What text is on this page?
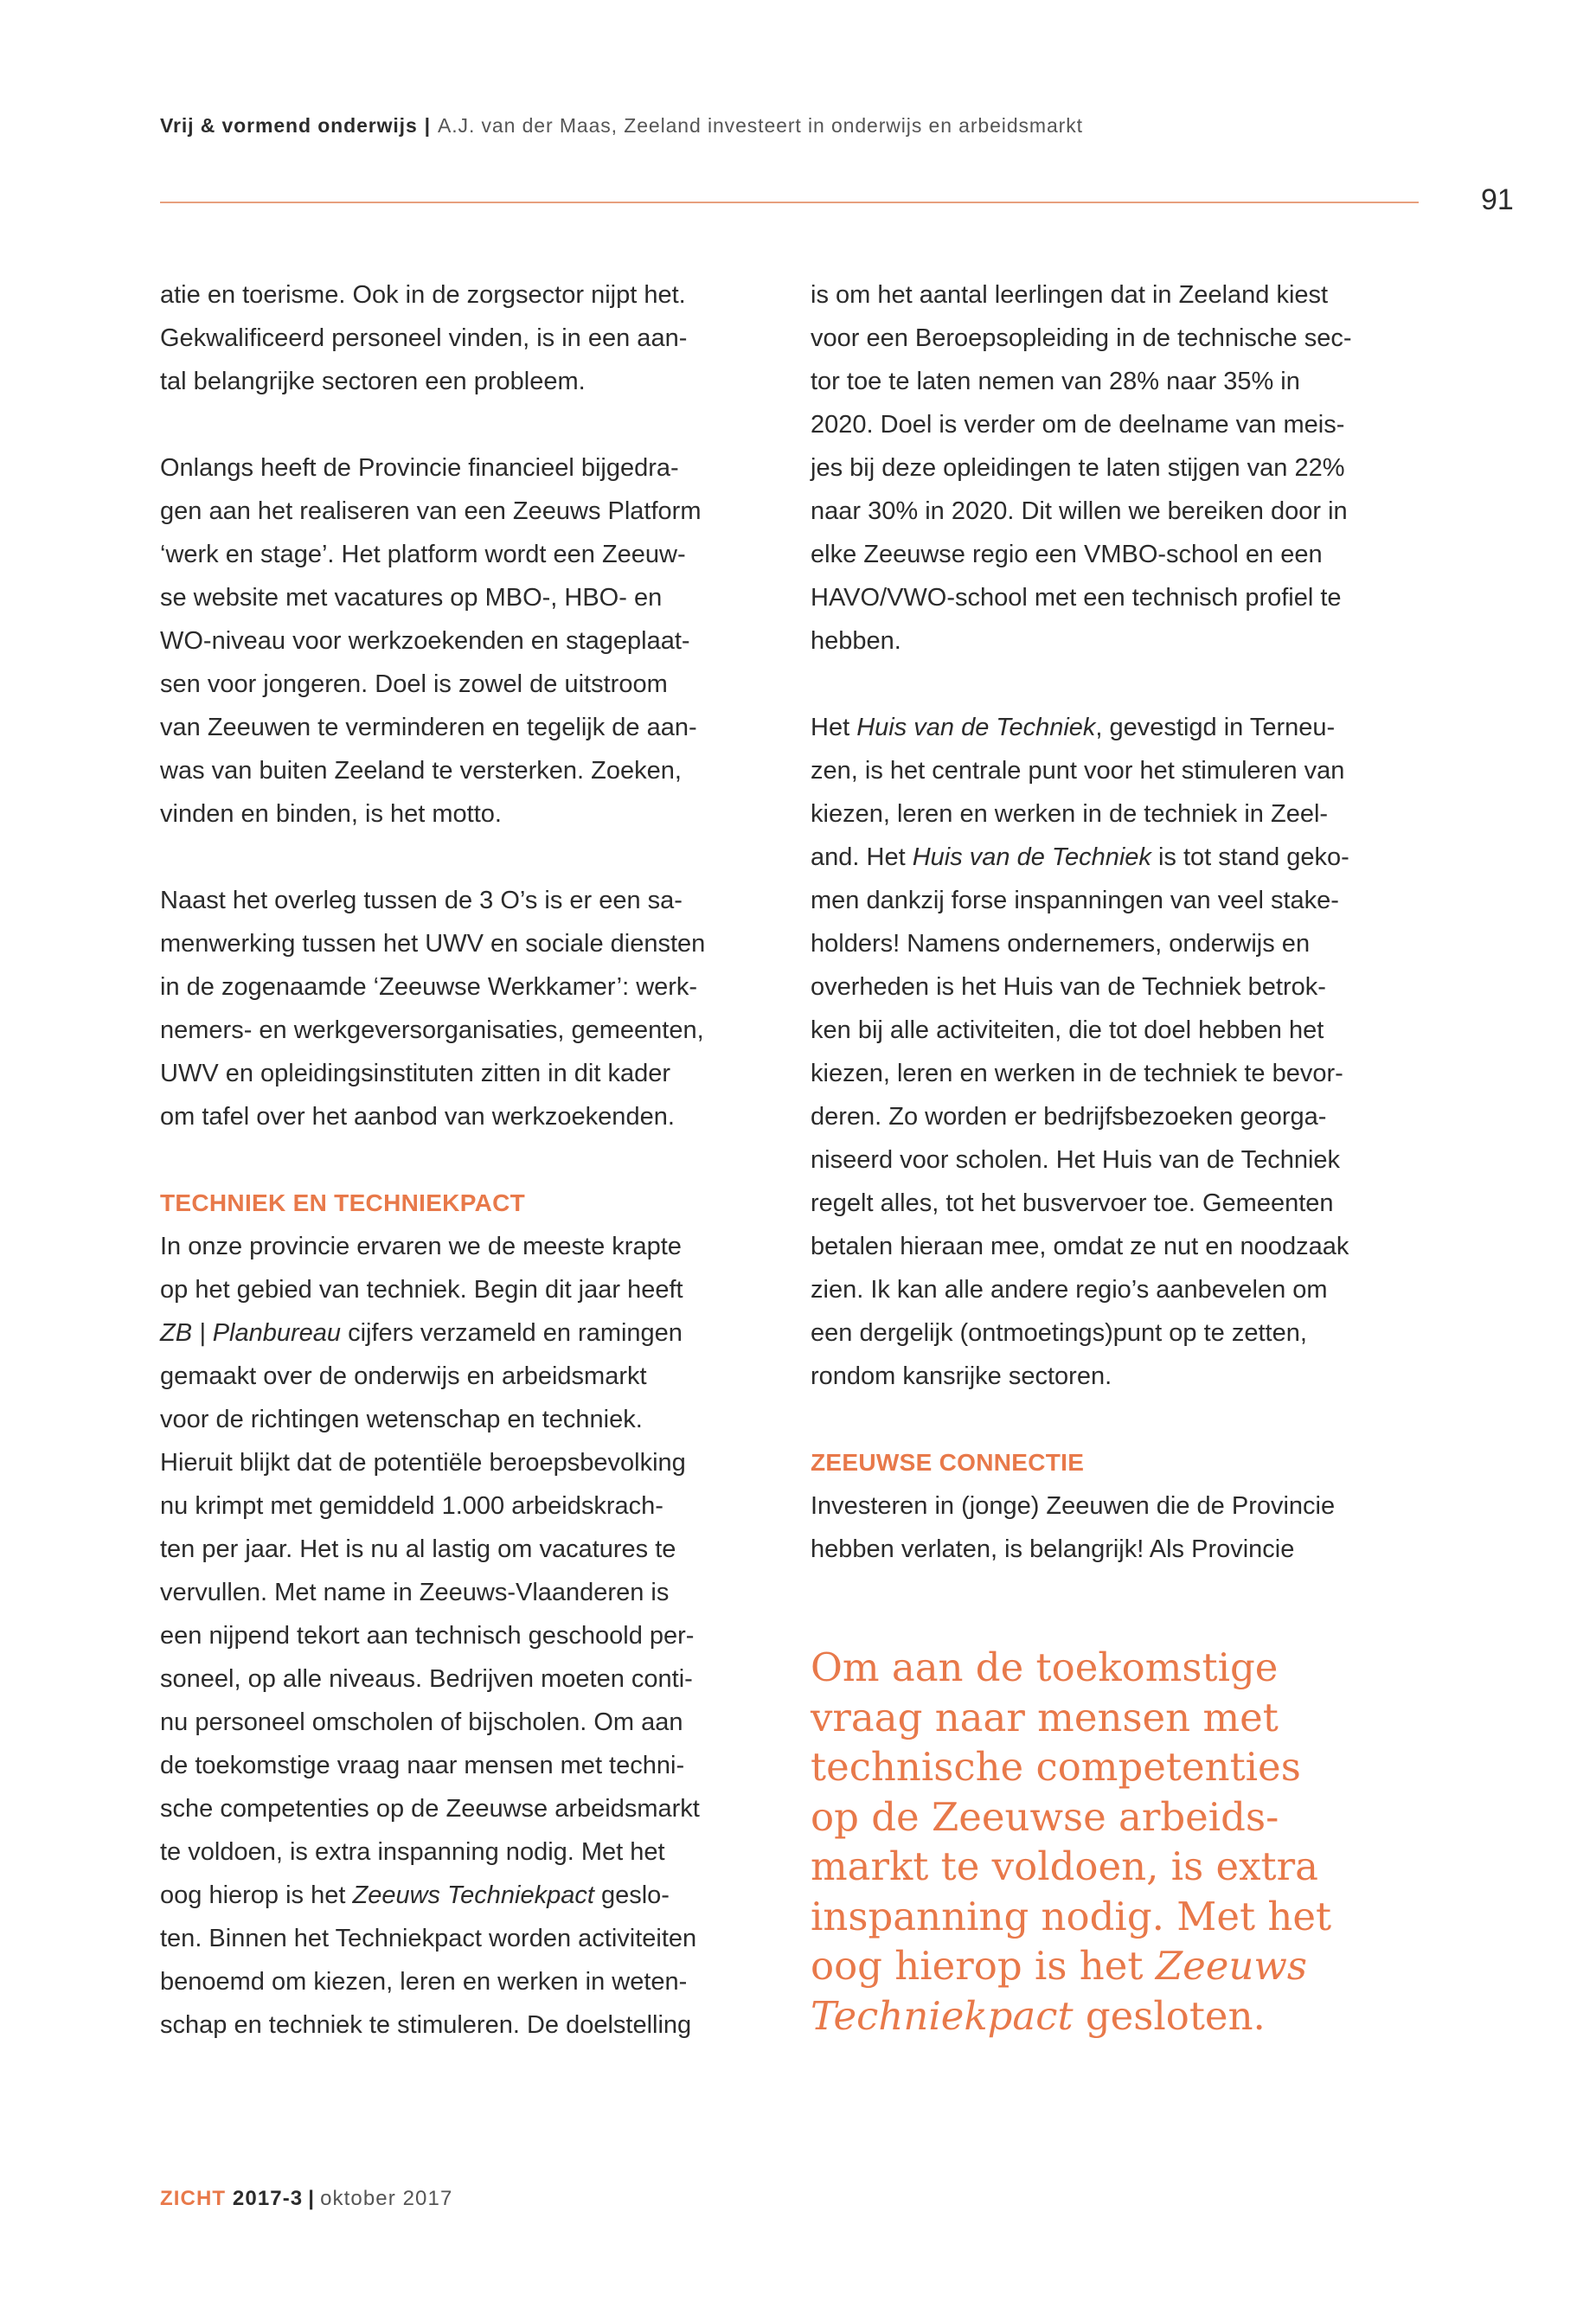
Vrij & vormend onderwijs | A.J. van der Maas, Zeeland investeert in onderwijs en arbeidsmarkt
91

atie en toerisme. Ook in de zorgsector nijpt het.
Gekwalificeerd personeel vinden, is in een aan-
tal belangrijke sectoren een probleem.

Onlangs heeft de Provincie financieel bijgedra-
gen aan het realiseren van een Zeeuws Platform
‘werk en stage’. Het platform wordt een Zeeuw-
se website met vacatures op MBO-, HBO- en
WO-niveau voor werkzoekenden en stageplaat-
sen voor jongeren. Doel is zowel de uitstroom
van Zeeuwen te verminderen en tegelijk de aan-
was van buiten Zeeland te versterken. Zoeken,
vinden en binden, is het motto.

Naast het overleg tussen de 3 O’s is er een sa-
menwerking tussen het UWV en sociale diensten
in de zogenaamde ‘Zeeuwse Werkkamer’: werk-
nemers- en werkgeversorganisaties, gemeenten,
UWV en opleidingsinstituten zitten in dit kader
om tafel over het aanbod van werkzoekenden.

TECHNIEK EN TECHNIEKPACT

In onze provincie ervaren we de meeste krapte
op het gebied van techniek. Begin dit jaar heeft
ZB | Planbureau cijfers verzameld en ramingen
gemaakt over de onderwijs en arbeidsmarkt
voor de richtingen wetenschap en techniek.
Hieruit blijkt dat de potentiële beroepsbevolking
nu krimpt met gemiddeld 1.000 arbeidskrach-
ten per jaar. Het is nu al lastig om vacatures te
vervullen. Met name in Zeeuws-Vlaanderen is
een nijpend tekort aan technisch geschoold per-
soneel, op alle niveaus. Bedrijven moeten conti-
nu personeel omscholen of bijscholen. Om aan
de toekomstige vraag naar mensen met techni-
sche competenties op de Zeeuwse arbeidsmarkt
te voldoen, is extra inspanning nodig. Met het
oog hierop is het Zeeuws Techniekpact geslo-
ten. Binnen het Techniekpact worden activiteiten
benoemd om kiezen, leren en werken in weten-
schap en techniek te stimuleren. De doelstelling

is om het aantal leerlingen dat in Zeeland kiest
voor een Beroepsopleiding in de technische sec-
tor toe te laten nemen van 28% naar 35% in
2020. Doel is verder om de deelname van meis-
jes bij deze opleidingen te laten stijgen van 22%
naar 30% in 2020. Dit willen we bereiken door in
elke Zeeuwse regio een VMBO-school en een
HAVO/VWO-school met een technisch profiel te
hebben.

Het Huis van de Techniek, gevestigd in Terneu-
zen, is het centrale punt voor het stimuleren van
kiezen, leren en werken in de techniek in Zeel-
and. Het Huis van de Techniek is tot stand geko-
men dankzij forse inspanningen van veel stake-
holders! Namens ondernemers, onderwijs en
overheden is het Huis van de Techniek betrok-
ken bij alle activiteiten, die tot doel hebben het
kiezen, leren en werken in de techniek te bevor-
deren. Zo worden er bedrijfsbezoeken georga-
niseerd voor scholen. Het Huis van de Techniek
regelt alles, tot het busvervoer toe. Gemeenten
betalen hieraan mee, omdat ze nut en noodzaak
zien. Ik kan alle andere regio’s aanbevelen om
een dergelijk (ontmoetings)punt op te zetten,
rondom kansrijke sectoren.

ZEEUWSE CONNECTIE

Investeren in (jonge) Zeeuwen die de Provincie
hebben verlaten, is belangrijk! Als Provincie

Om aan de toekomstige
vraag naar mensen met
technische competenties
op de Zeeuwse arbeids-
markt te voldoen, is extra
inspanning nodig. Met het
oog hierop is het Zeeuws
Techniekpact gesloten.
ZICHT 2017-3 | oktober 2017
